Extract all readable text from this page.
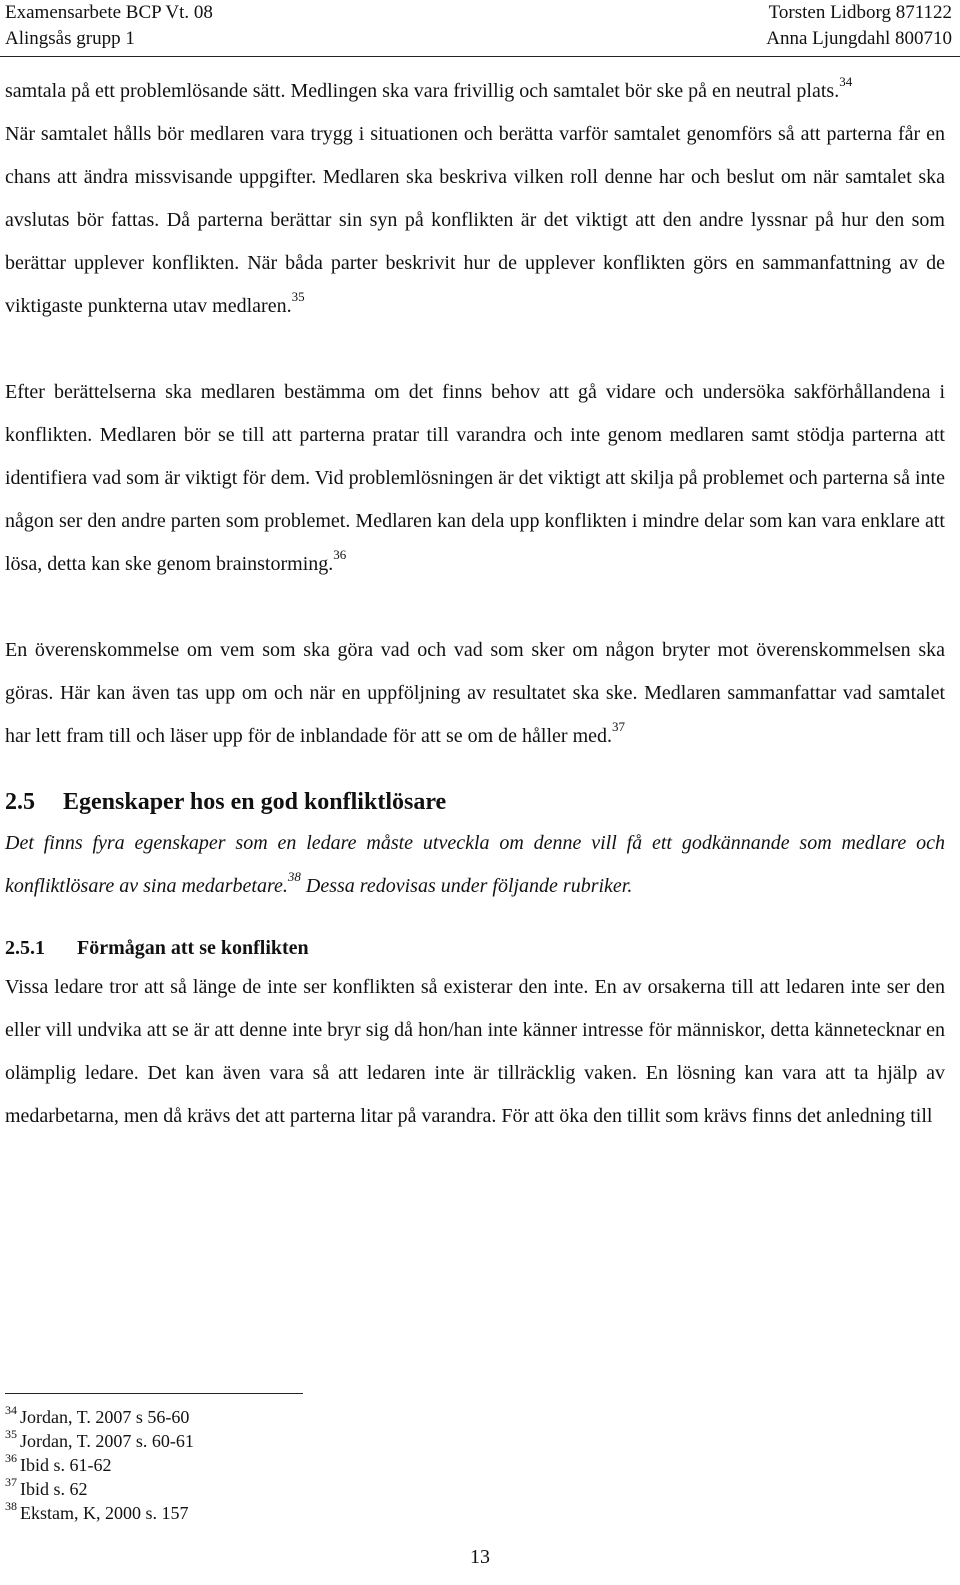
Examensarbete BCP Vt. 08
Alingsås grupp 1
Torsten Lidborg 871122
Anna Ljungdahl 800710

samtala på ett problemlösande sätt. Medlingen ska vara frivillig och samtalet bör ske på en neutral plats.$^{34}$

När samtalet hålls bör medlaren vara trygg i situationen och berätta varför samtalet genomförs så att parterna får en chans att ändra missvisande uppgifter. Medlaren ska beskriva vilken roll denne har och beslut om när samtalet ska avslutas bör fattas. Då parterna berättar sin syn på konflikten är det viktigt att den andre lyssnar på hur den som berättar upplever konflikten. När båda parter beskrivit hur de upplever konflikten görs en sammanfattning av de viktigaste punkterna utav medlaren.$^{35}$

Efter berättelserna ska medlaren bestämma om det finns behov att gå vidare och undersöka sakförhållandena i konflikten. Medlaren bör se till att parterna pratar till varandra och inte genom medlaren samt stödja parterna att identifiera vad som är viktigt för dem. Vid problemlösningen är det viktigt att skilja på problemet och parterna så inte någon ser den andre parten som problemet. Medlaren kan dela upp konflikten i mindre delar som kan vara enklare att lösa, detta kan ske genom brainstorming.$^{36}$

En överenskommelse om vem som ska göra vad och vad som sker om någon bryter mot överenskommelsen ska göras. Här kan även tas upp om och när en uppföljning av resultatet ska ske. Medlaren sammanfattar vad samtalet har lett fram till och läser upp för de inblandade för att se om de håller med.$^{37}$

2.5 Egenskaper hos en god konfliktlösare

Det finns fyra egenskaper som en ledare måste utveckla om denne vill få ett godkännande som medlare och konfliktlösare av sina medarbetare.$^{38}$ Dessa redovisas under följande rubriker.

2.5.1 Förmågan att se konflikten

Vissa ledare tror att så länge de inte ser konflikten så existerar den inte. En av orsakerna till att ledaren inte ser den eller vill undvika att se är att denne inte bryr sig då hon/han inte känner intresse för människor, detta kännetecknar en olämplig ledare. Det kan även vara så att ledaren inte är tillräcklig vaken. En lösning kan vara att ta hjälp av medarbetarna, men då krävs det att parterna litar på varandra. För att öka den tillit som krävs finns det anledning till

$^{34}$ Jordan, T. 2007 s 56-60
$^{35}$ Jordan, T. 2007 s. 60-61
$^{36}$ Ibid s. 61-62
$^{37}$ Ibid s. 62
$^{38}$ Ekstam, K, 2000 s. 157
13
